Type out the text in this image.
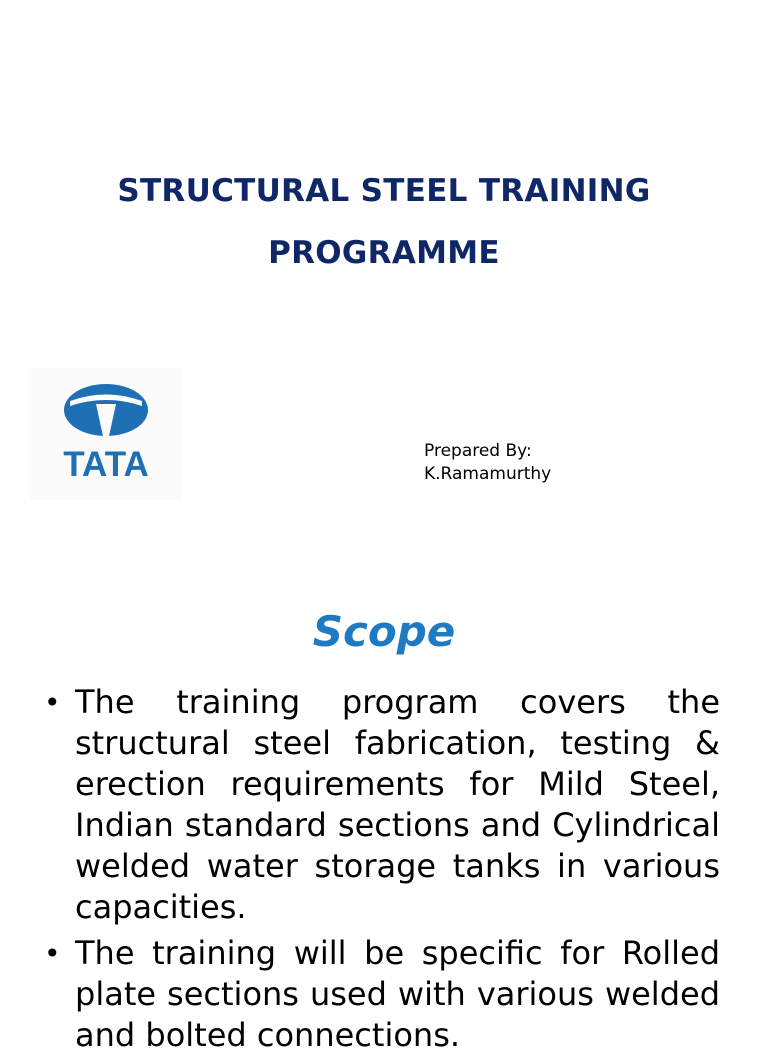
STRUCTURAL STEEL TRAINING
PROGRAMME
TATA	Prepared By:
K.Ramamurthy
Scope
• The training program covers the structural steel fabrication, testing & erection requirements for Mild Steel, Indian standard sections and Cylindrical welded water storage tanks in various capacities.
• The training will be specific for Rolled plate sections used with various welded and bolted connections.
